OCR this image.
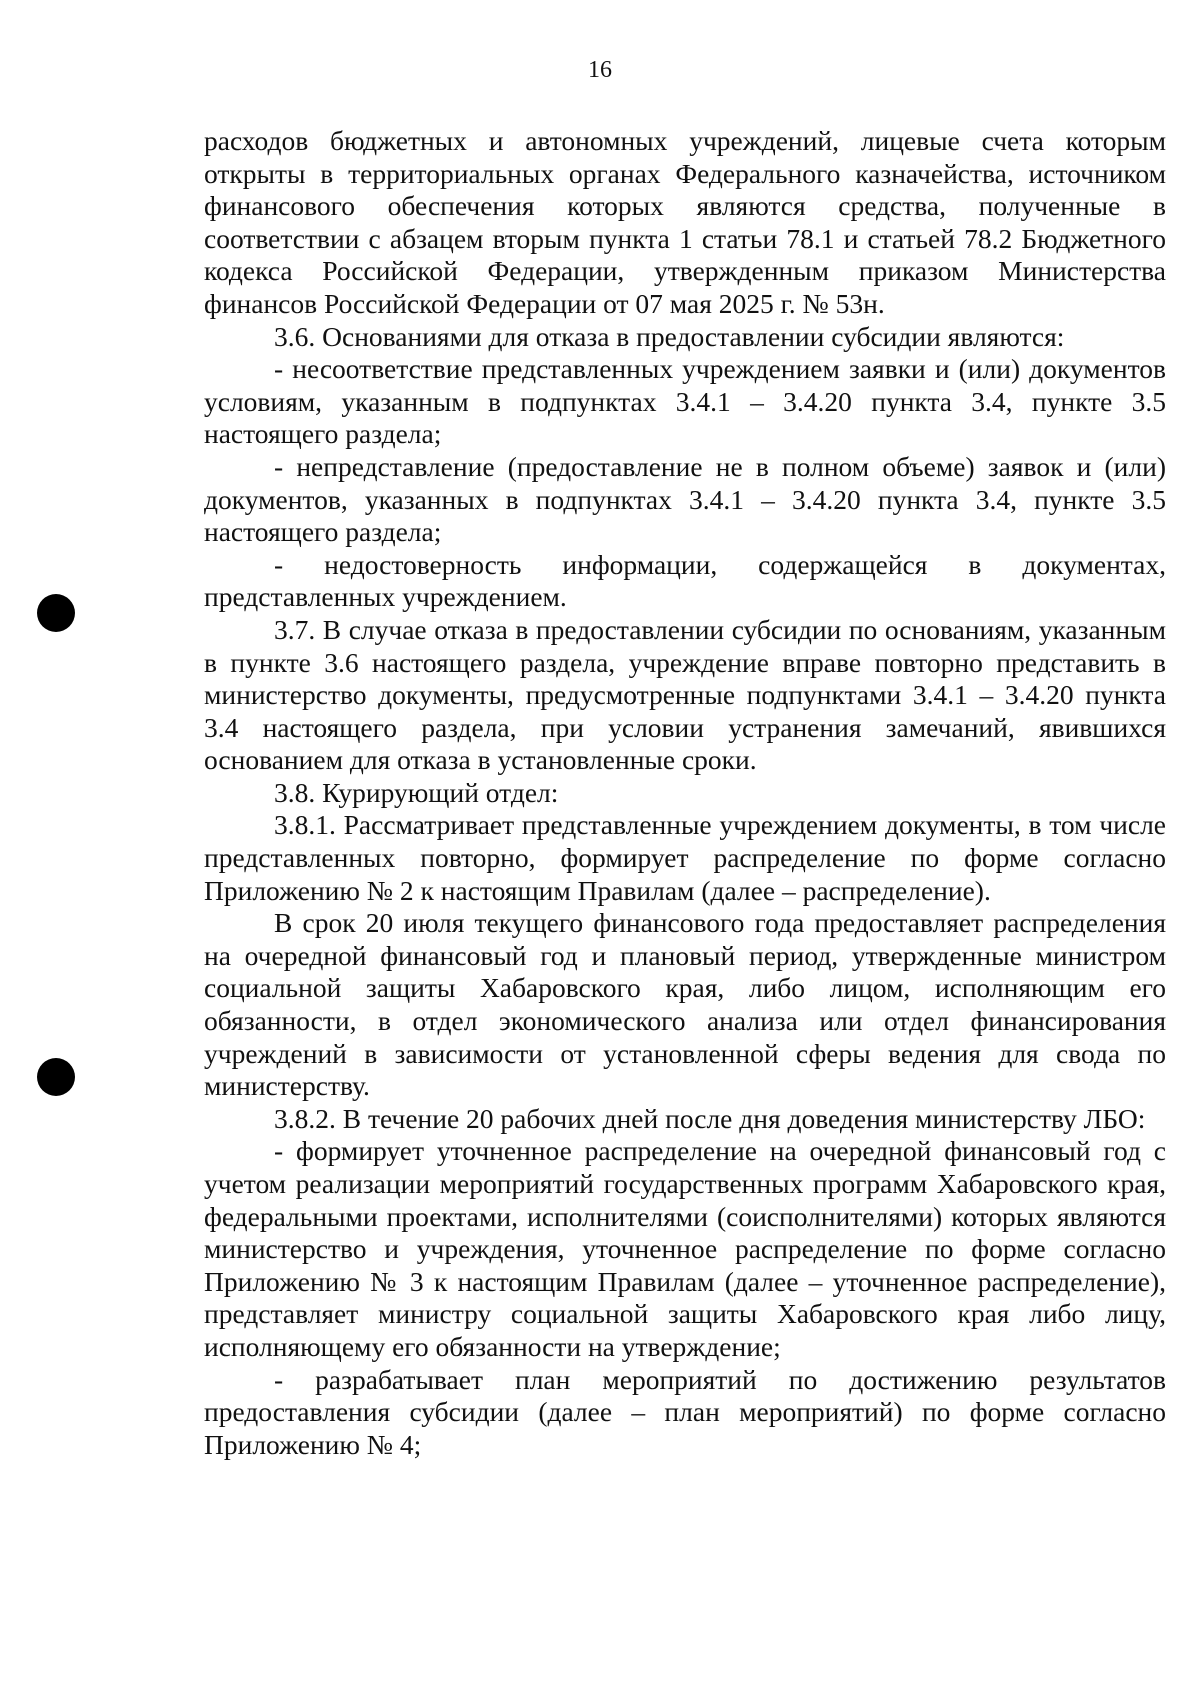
16

расходов бюджетных и автономных учреждений, лицевые счета которым открыты в территориальных органах Федерального казначейства, источником финансового обеспечения которых являются средства, полученные в соответствии с абзацем вторым пункта 1 статьи 78.1 и статьей 78.2 Бюджетного кодекса Российской Федерации, утвержденным приказом Министерства финансов Российской Федерации от 07 мая 2025 г. № 53н.

3.6. Основаниями для отказа в предоставлении субсидии являются:

- несоответствие представленных учреждением заявки и (или) документов условиям, указанным в подпунктах 3.4.1 – 3.4.20 пункта 3.4, пункте 3.5 настоящего раздела;

- непредставление (предоставление не в полном объеме) заявок и (или) документов, указанных в подпунктах 3.4.1 – 3.4.20 пункта 3.4, пункте 3.5 настоящего раздела;

- недостоверность информации, содержащейся в документах, представленных учреждением.

3.7. В случае отказа в предоставлении субсидии по основаниям, указанным в пункте 3.6 настоящего раздела, учреждение вправе повторно представить в министерство документы, предусмотренные подпунктами 3.4.1 – 3.4.20 пункта 3.4 настоящего раздела, при условии устранения замечаний, явившихся основанием для отказа в установленные сроки.

3.8. Курирующий отдел:

3.8.1. Рассматривает представленные учреждением документы, в том числе представленных повторно, формирует распределение по форме согласно Приложению № 2 к настоящим Правилам (далее – распределение).

В срок 20 июля текущего финансового года предоставляет распределения на очередной финансовый год и плановый период, утвержденные министром социальной защиты Хабаровского края, либо лицом, исполняющим его обязанности, в отдел экономического анализа или отдел финансирования учреждений в зависимости от установленной сферы ведения для свода по министерству.

3.8.2. В течение 20 рабочих дней после дня доведения министерству ЛБО:

- формирует уточненное распределение на очередной финансовый год с учетом реализации мероприятий государственных программ Хабаровского края, федеральными проектами, исполнителями (соисполнителями) которых являются министерство и учреждения, уточненное распределение по форме согласно Приложению № 3 к настоящим Правилам (далее – уточненное распределение), представляет министру социальной защиты Хабаровского края либо лицу, исполняющему его обязанности на утверждение;

- разрабатывает план мероприятий по достижению результатов предоставления субсидии (далее – план мероприятий) по форме согласно Приложению № 4;
